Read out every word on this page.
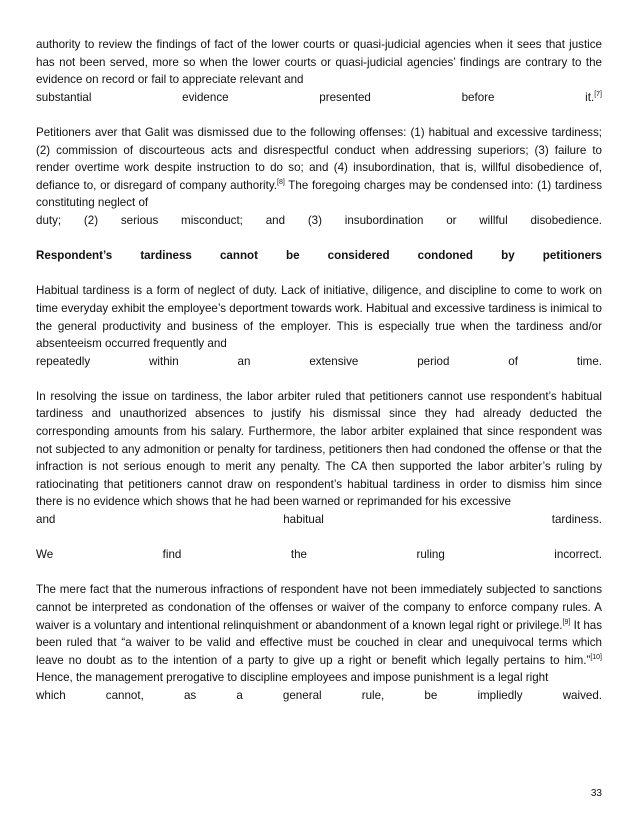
authority to review the findings of fact of the lower courts or quasi-judicial agencies when it sees that justice has not been served, more so when the lower courts or quasi-judicial agencies’ findings are contrary to the evidence on record or fail to appreciate relevant and
substantial evidence presented before it.[7]

Petitioners aver that Galit was dismissed due to the following offenses: (1) habitual and excessive tardiness; (2) commission of discourteous acts and disrespectful conduct when addressing superiors; (3) failure to render overtime work despite instruction to do so; and (4) insubordination, that is, willful disobedience of, defiance to, or disregard of company authority.[8] The foregoing charges may be condensed into: (1) tardiness constituting neglect of
duty; (2) serious misconduct; and (3) insubordination or willful disobedience.

Respondent’s tardiness cannot be considered condoned by petitioners

Habitual tardiness is a form of neglect of duty. Lack of initiative, diligence, and discipline to come to work on time everyday exhibit the employee’s deportment towards work. Habitual and excessive tardiness is inimical to the general productivity and business of the employer. This is especially true when the tardiness and/or absenteeism occurred frequently and
repeatedly within an extensive period of time.

In resolving the issue on tardiness, the labor arbiter ruled that petitioners cannot use respondent’s habitual tardiness and unauthorized absences to justify his dismissal since they had already deducted the corresponding amounts from his salary. Furthermore, the labor arbiter explained that since respondent was not subjected to any admonition or penalty for tardiness, petitioners then had condoned the offense or that the infraction is not serious enough to merit any penalty. The CA then supported the labor arbiter’s ruling by ratiocinating that petitioners cannot draw on respondent’s habitual tardiness in order to dismiss him since there is no evidence which shows that he had been warned or reprimanded for his excessive
and habitual tardiness.

We find the ruling incorrect.

The mere fact that the numerous infractions of respondent have not been immediately subjected to sanctions cannot be interpreted as condonation of the offenses or waiver of the company to enforce company rules. A waiver is a voluntary and intentional relinquishment or abandonment of a known legal right or privilege.[9] It has been ruled that “a waiver to be valid and effective must be couched in clear and unequivocal terms which leave no doubt as to the intention of a party to give up a right or benefit which legally pertains to him.”[10] Hence, the management prerogative to discipline employees and impose punishment is a legal right
which cannot, as a general rule, be impliedly waived.

33
